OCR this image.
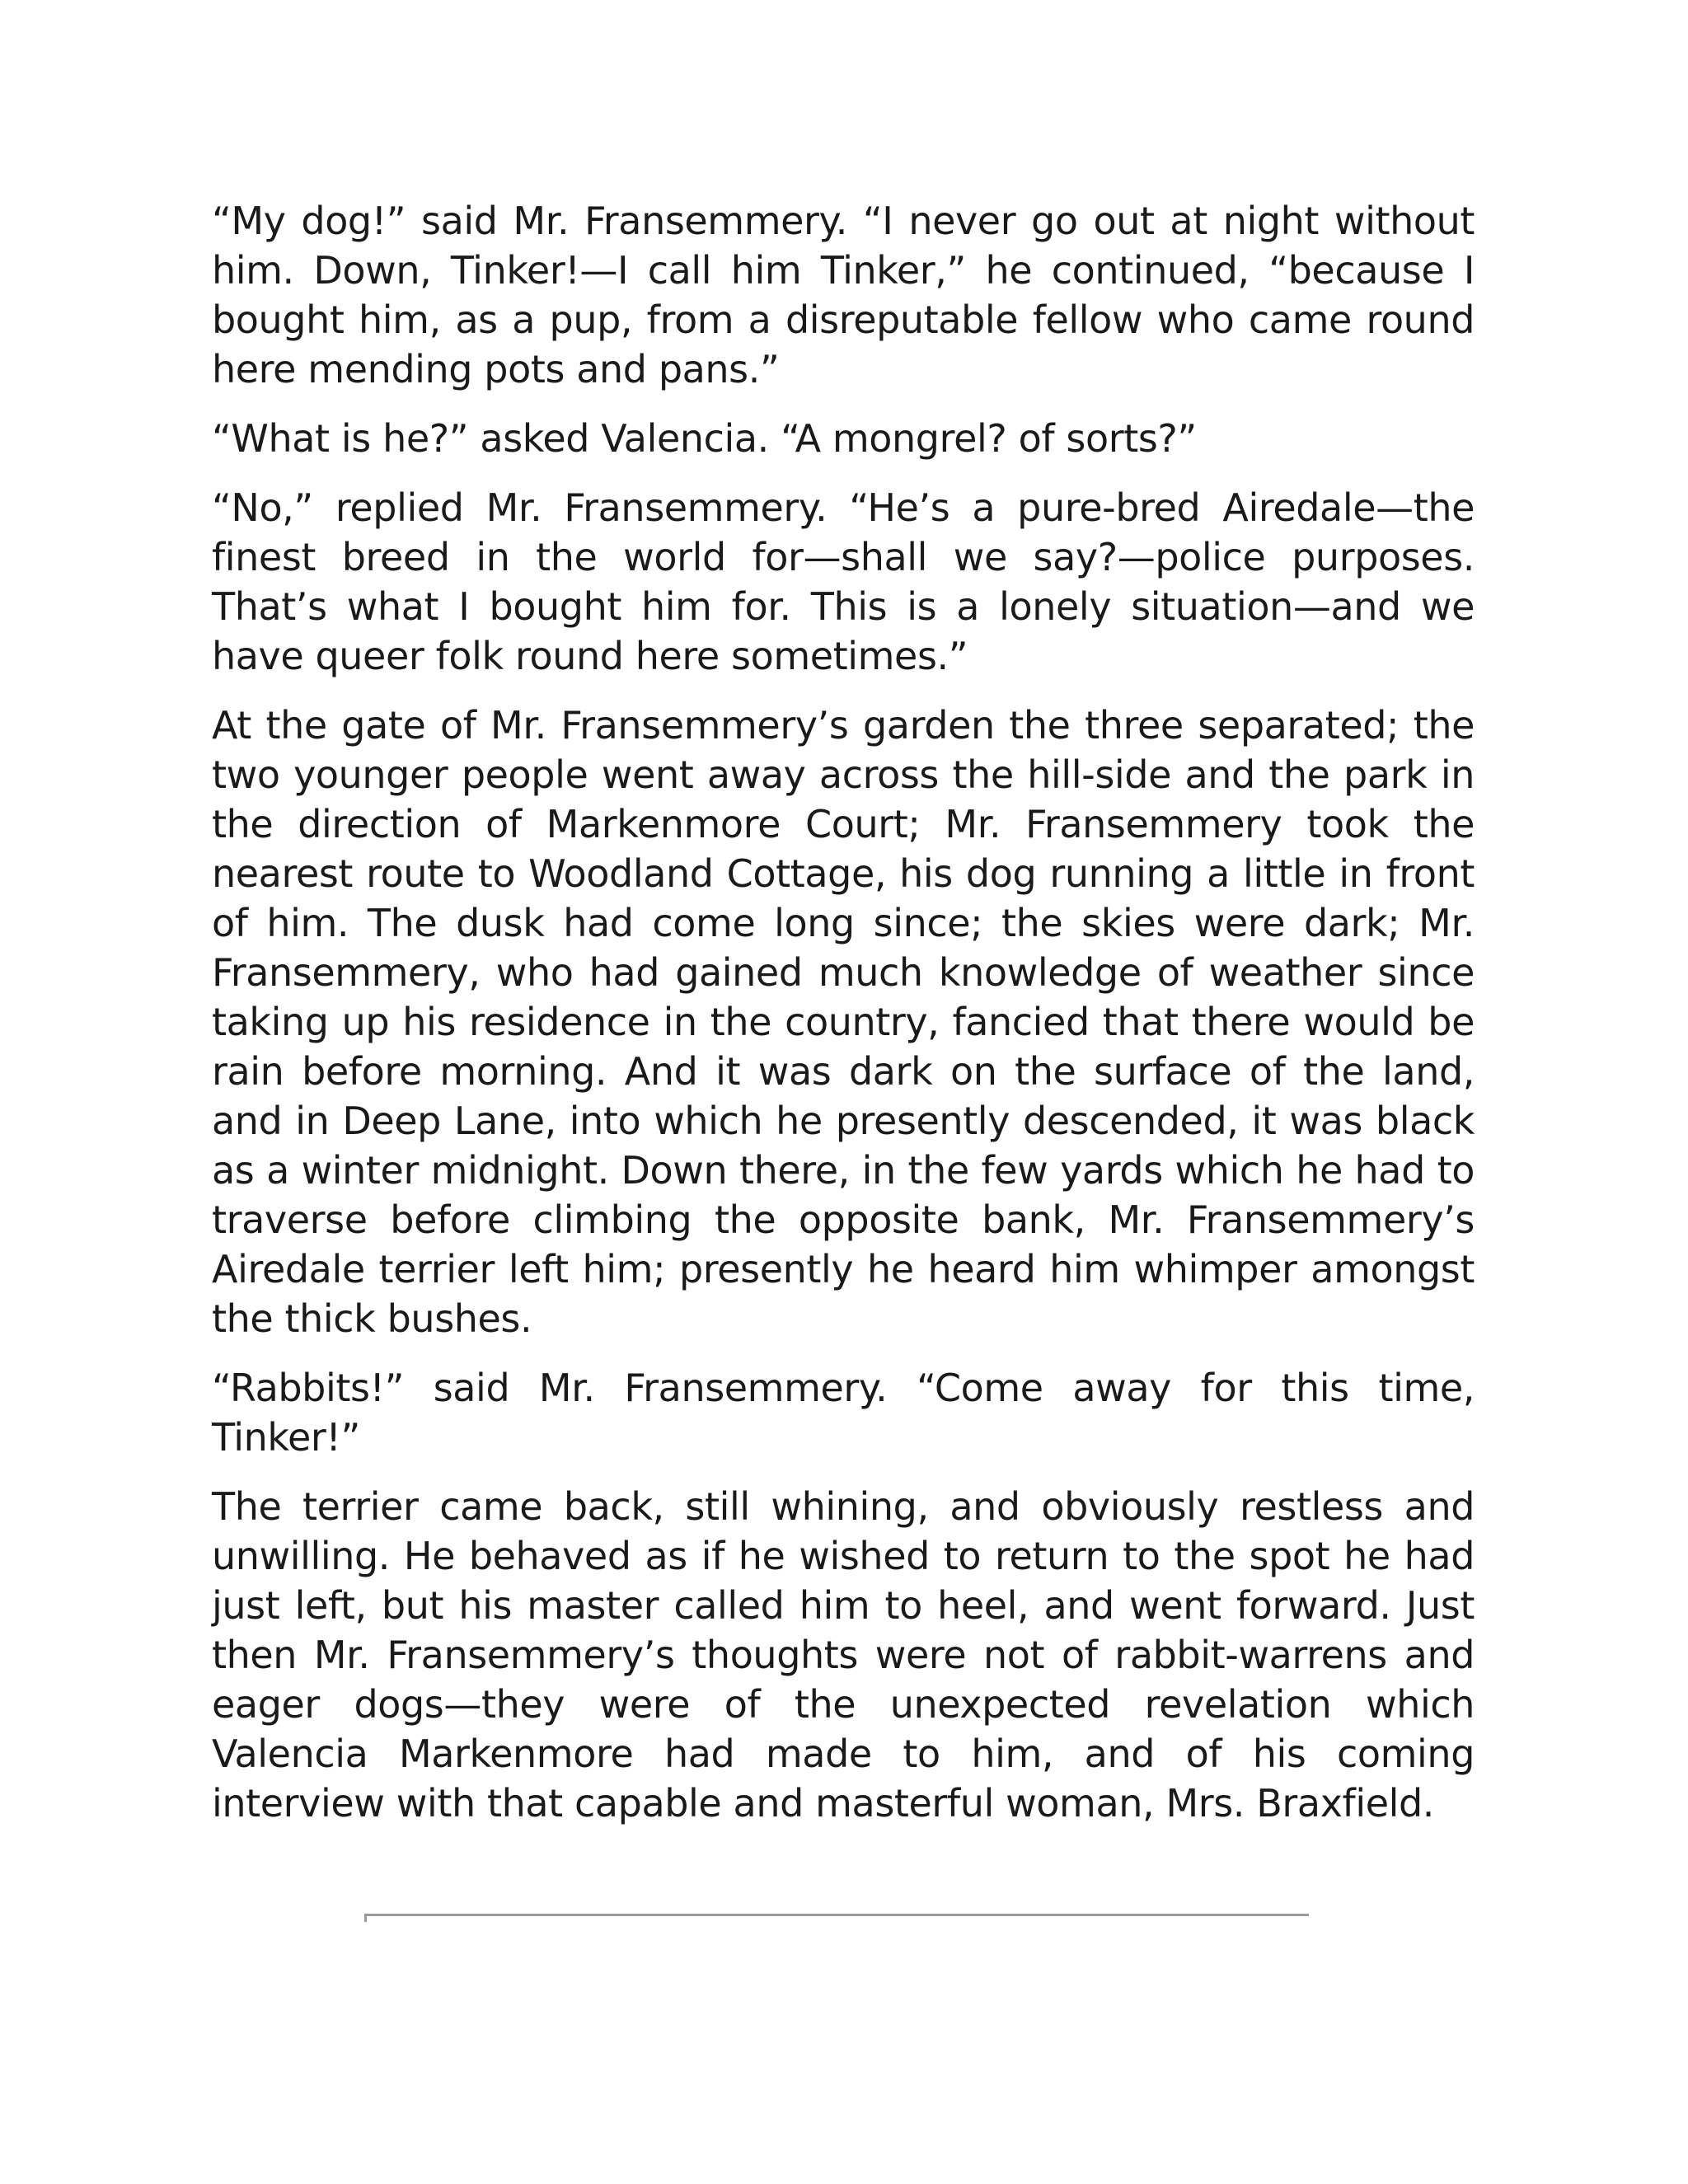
“My dog!” said Mr. Fransemmery. “I never go out at night without him. Down, Tinker!—I call him Tinker,” he continued, “because I bought him, as a pup, from a disreputable fellow who came round here mending pots and pans.”

“What is he?” asked Valencia. “A mongrel? of sorts?”

“No,” replied Mr. Fransemmery. “He’s a pure-bred Airedale—the finest breed in the world for—shall we say?—police purposes. That’s what I bought him for. This is a lonely situation—and we have queer folk round here sometimes.”

At the gate of Mr. Fransemmery’s garden the three separated; the two younger people went away across the hill-side and the park in the direction of Markenmore Court; Mr. Fransemmery took the nearest route to Woodland Cottage, his dog running a little in front of him. The dusk had come long since; the skies were dark; Mr. Fransemmery, who had gained much knowledge of weather since taking up his residence in the country, fancied that there would be rain before morning. And it was dark on the surface of the land, and in Deep Lane, into which he presently descended, it was black as a winter midnight. Down there, in the few yards which he had to traverse before climbing the opposite bank, Mr. Fransemmery’s Airedale terrier left him; presently he heard him whimper amongst the thick bushes.

“Rabbits!” said Mr. Fransemmery. “Come away for this time, Tinker!”

The terrier came back, still whining, and obviously restless and unwilling. He behaved as if he wished to return to the spot he had just left, but his master called him to heel, and went forward. Just then Mr. Fransemmery’s thoughts were not of rabbit-warrens and eager dogs—they were of the unexpected revelation which Valencia Markenmore had made to him, and of his coming interview with that capable and masterful woman, Mrs. Braxfield.
